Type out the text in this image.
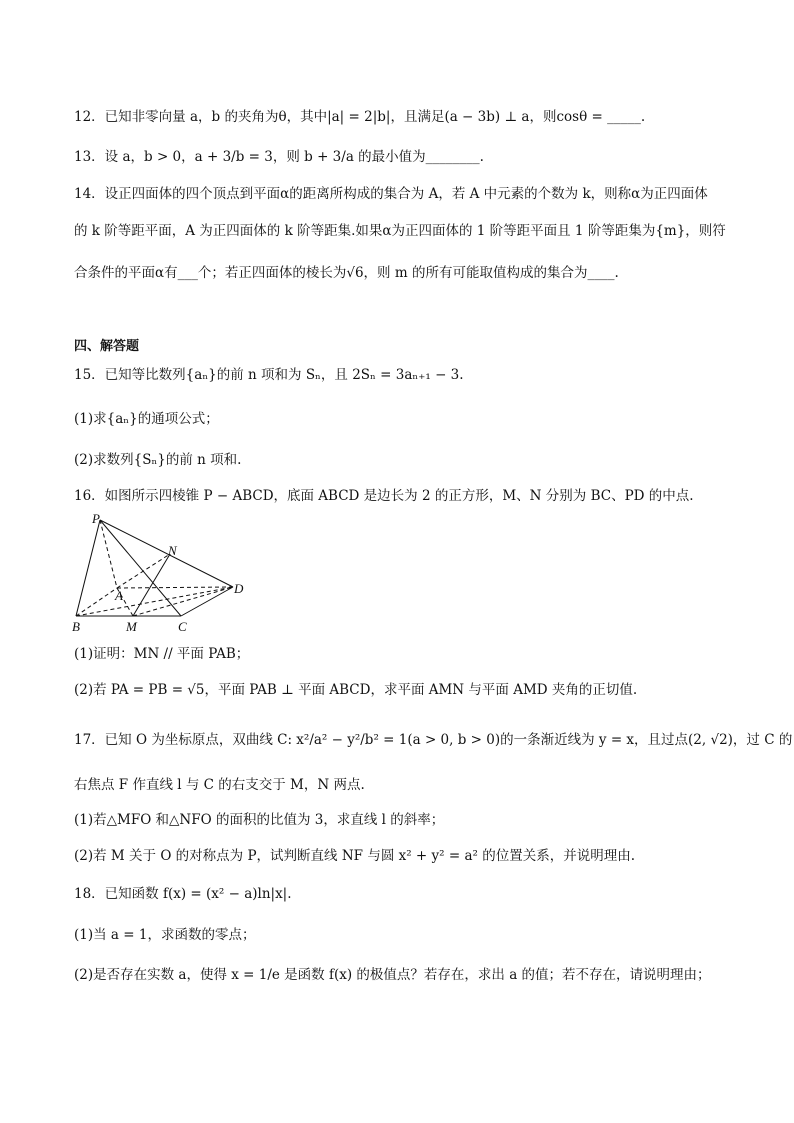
12．已知非零向量 a，b 的夹角为θ，其中|a| = 2|b|，且满足(a − 3b) ⊥ a，则cosθ = _____.
13．设 a，b > 0，a + 3/b = 3，则 b + 3/a 的最小值为________.
14．设正四面体的四个顶点到平面α的距离所构成的集合为 A，若 A 中元素的个数为 k，则称α为正四面体
的 k 阶等距平面，A 为正四面体的 k 阶等距集.如果α为正四面体的 1 阶等距平面且 1 阶等距集为{m}，则符
合条件的平面α有___个；若正四面体的棱长为√6，则 m 的所有可能取值构成的集合为____.
四、解答题
15．已知等比数列{aₙ}的前 n 项和为 Sₙ，且 2Sₙ = 3aₙ₊₁ − 3.
(1)求{aₙ}的通项公式；
(2)求数列{Sₙ}的前 n 项和.
16．如图所示四棱锥 P − ABCD，底面 ABCD 是边长为 2 的正方形，M、N 分别为 BC、PD 的中点.
P
N
A	D
B	M	C
(1)证明：MN // 平面 PAB；
(2)若 PA = PB = √5，平面 PAB ⊥ 平面 ABCD，求平面 AMN 与平面 AMD 夹角的正切值.
17．已知 O 为坐标原点，双曲线 C: x²/a² − y²/b² = 1(a > 0, b > 0)的一条渐近线为 y = x，且过点(2, √2)，过 C 的
右焦点 F 作直线 l 与 C 的右支交于 M，N 两点.
(1)若△MFO 和△NFO 的面积的比值为 3，求直线 l 的斜率；
(2)若 M 关于 O 的对称点为 P，试判断直线 NF 与圆 x² + y² = a² 的位置关系，并说明理由.
18．已知函数 f(x) = (x² − a)ln|x|.
(1)当 a = 1，求函数的零点；
(2)是否存在实数 a，使得 x = 1/e 是函数 f(x) 的极值点？若存在，求出 a 的值；若不存在，请说明理由；
